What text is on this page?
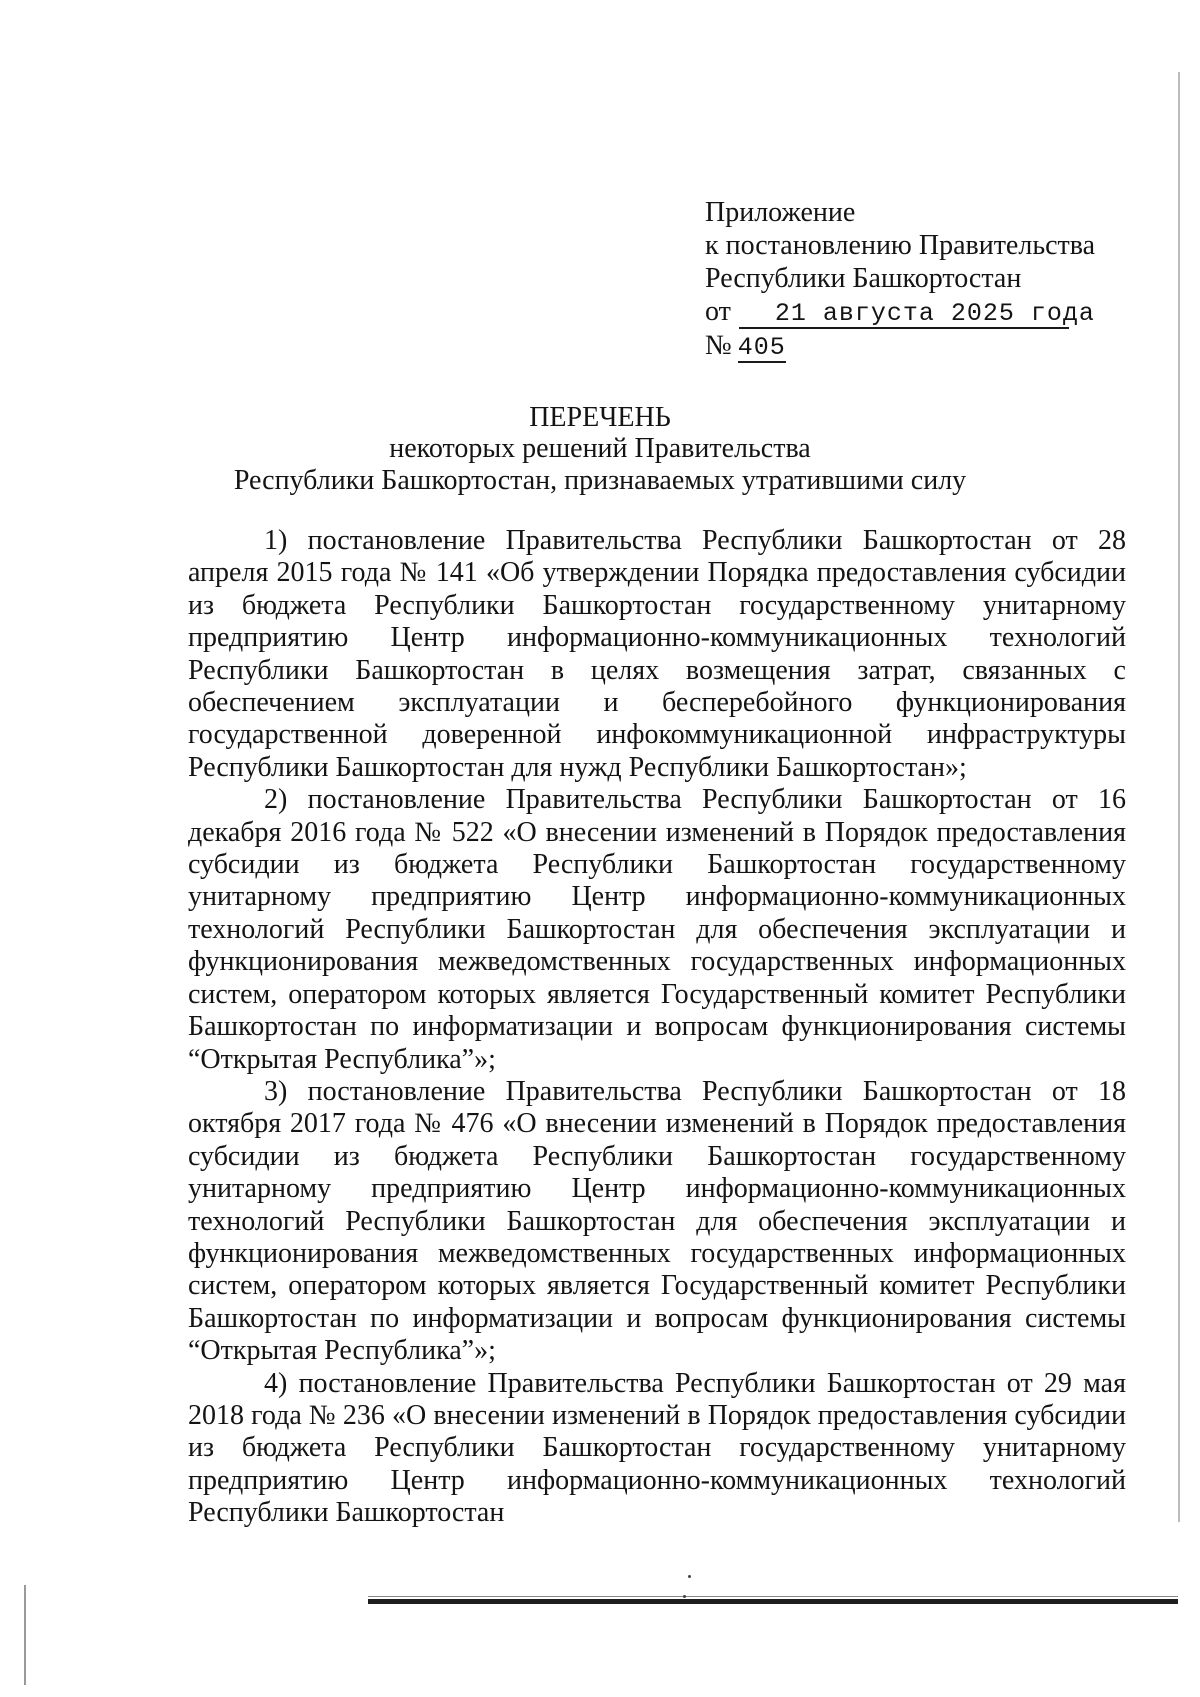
Приложение
к постановлению Правительства
Республики Башкортостан
от 21 августа 2025 года
№ 405
ПЕРЕЧЕНЬ
некоторых решений Правительства
Республики Башкортостан, признаваемых утратившими силу

1) постановление Правительства Республики Башкортостан от 28 апреля 2015 года № 141 «Об утверждении Порядка предоставления субсидии из бюджета Республики Башкортостан государственному унитарному предприятию Центр информационно-коммуникационных технологий Республики Башкортостан в целях возмещения затрат, связанных с обеспечением эксплуатации и бесперебойного функционирования государственной доверенной инфокоммуникационной инфраструктуры Республики Башкортостан для нужд Республики Башкортостан»;

2) постановление Правительства Республики Башкортостан от 16 декабря 2016 года № 522 «О внесении изменений в Порядок предоставления субсидии из бюджета Республики Башкортостан государственному унитарному предприятию Центр информационно-коммуникационных технологий Республики Башкортостан для обеспечения эксплуатации и функционирования межведомственных государственных информационных систем, оператором которых является Государственный комитет Республики Башкортостан по информатизации и вопросам функционирования системы “Открытая Республика”»;

3) постановление Правительства Республики Башкортостан от 18 октября 2017 года № 476 «О внесении изменений в Порядок предоставления субсидии из бюджета Республики Башкортостан государственному унитарному предприятию Центр информационно-коммуникационных технологий Республики Башкортостан для обеспечения эксплуатации и функционирования межведомственных государственных информационных систем, оператором которых является Государственный комитет Республики Башкортостан по информатизации и вопросам функционирования системы “Открытая Республика”»;

4) постановление Правительства Республики Башкортостан от 29 мая 2018 года № 236 «О внесении изменений в Порядок предоставления субсидии из бюджета Республики Башкортостан государственному унитарному предприятию Центр информационно-коммуникационных технологий Республики Башкортостан
